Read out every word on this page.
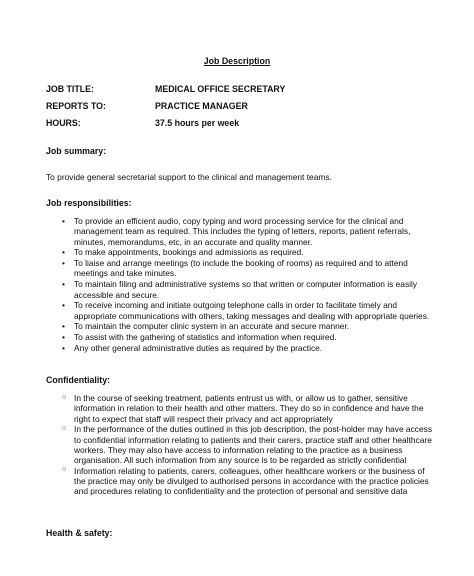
Job Description
JOB TITLE:	MEDICAL OFFICE SECRETARY
REPORTS TO:	PRACTICE MANAGER
HOURS:	37.5 hours per week
Job summary:
To provide general secretarial support to the clinical and management teams.
Job responsibilities:
• To provide an efficient audio, copy typing and word processing service for the clinical and management team as required. This includes the typing of letters, reports, patient referrals, minutes, memorandums, etc, in an accurate and quality manner.
• To make appointments, bookings and admissions as required.
• To liaise and arrange meetings (to include the booking of rooms) as required and to attend meetings and take minutes.
• To maintain filing and administrative systems so that written or computer information is easily accessible and secure.
• To receive incoming and initiate outgoing telephone calls in order to facilitate timely and appropriate communications with others, taking messages and dealing with appropriate queries.
• To maintain the computer clinic system in an accurate and secure manner.
• To assist with the gathering of statistics and information when required.
• Any other general administrative duties as required by the practice.
Confidentiality:
○ In the course of seeking treatment, patients entrust us with, or allow us to gather, sensitive information in relation to their health and other matters. They do so in confidence and have the right to expect that staff will respect their privacy and act appropriately
○ In the performance of the duties outlined in this job description, the post-holder may have access to confidential information relating to patients and their carers, practice staff and other healthcare workers. They may also have access to information relating to the practice as a business organisation. All such information from any source is to be regarded as strictly confidential
○ Information relating to patients, carers, colleagues, other healthcare workers or the business of the practice may only be divulged to authorised persons in accordance with the practice policies and procedures relating to confidentiality and the protection of personal and sensitive data
Health & safety:
